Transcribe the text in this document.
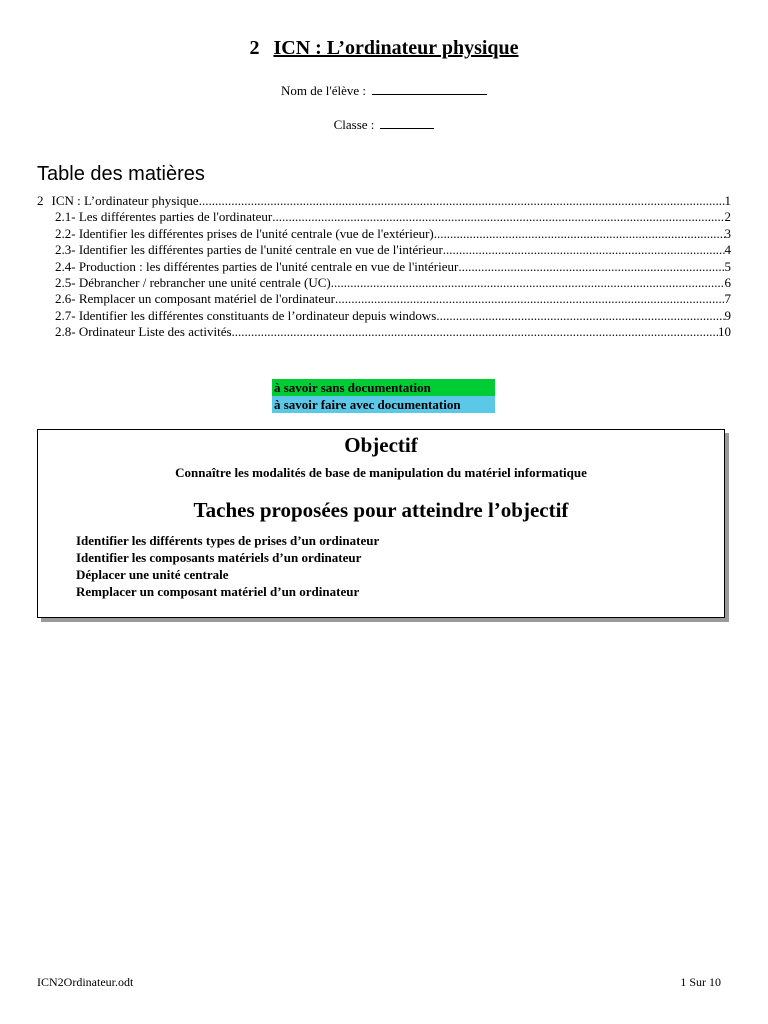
2 ICN : L’ordinateur physique
Nom de l'élève :
Classe :
Table des matières
2 ICN : L’ordinateur physique .....	1
2.1- Les différentes parties de l'ordinateur .....	2
2.2- Identifier les différentes prises de l'unité centrale (vue de l'extérieur) .....	3
2.3- Identifier les différentes parties de l'unité centrale en vue de l'intérieur .....	4
2.4- Production : les différentes parties de l'unité centrale en vue de l'intérieur .....	5
2.5- Débrancher / rebrancher une unité centrale (UC) .....	6
2.6- Remplacer un composant matériel de l'ordinateur .....	7
2.7- Identifier les différentes constituants de l’ordinateur depuis windows .....	9
2.8- Ordinateur Liste des activités .....	10
à savoir sans documentation
à savoir faire avec documentation
Objectif
Connaître les modalités de base de manipulation du matériel informatique
Taches proposées pour atteindre l’objectif
Identifier les différents types de prises d’un ordinateur
Identifier les composants matériels d’un ordinateur
Déplacer une unité centrale
Remplacer un composant matériel d’un ordinateur
ICN2Ordinateur.odt	1 Sur 10
